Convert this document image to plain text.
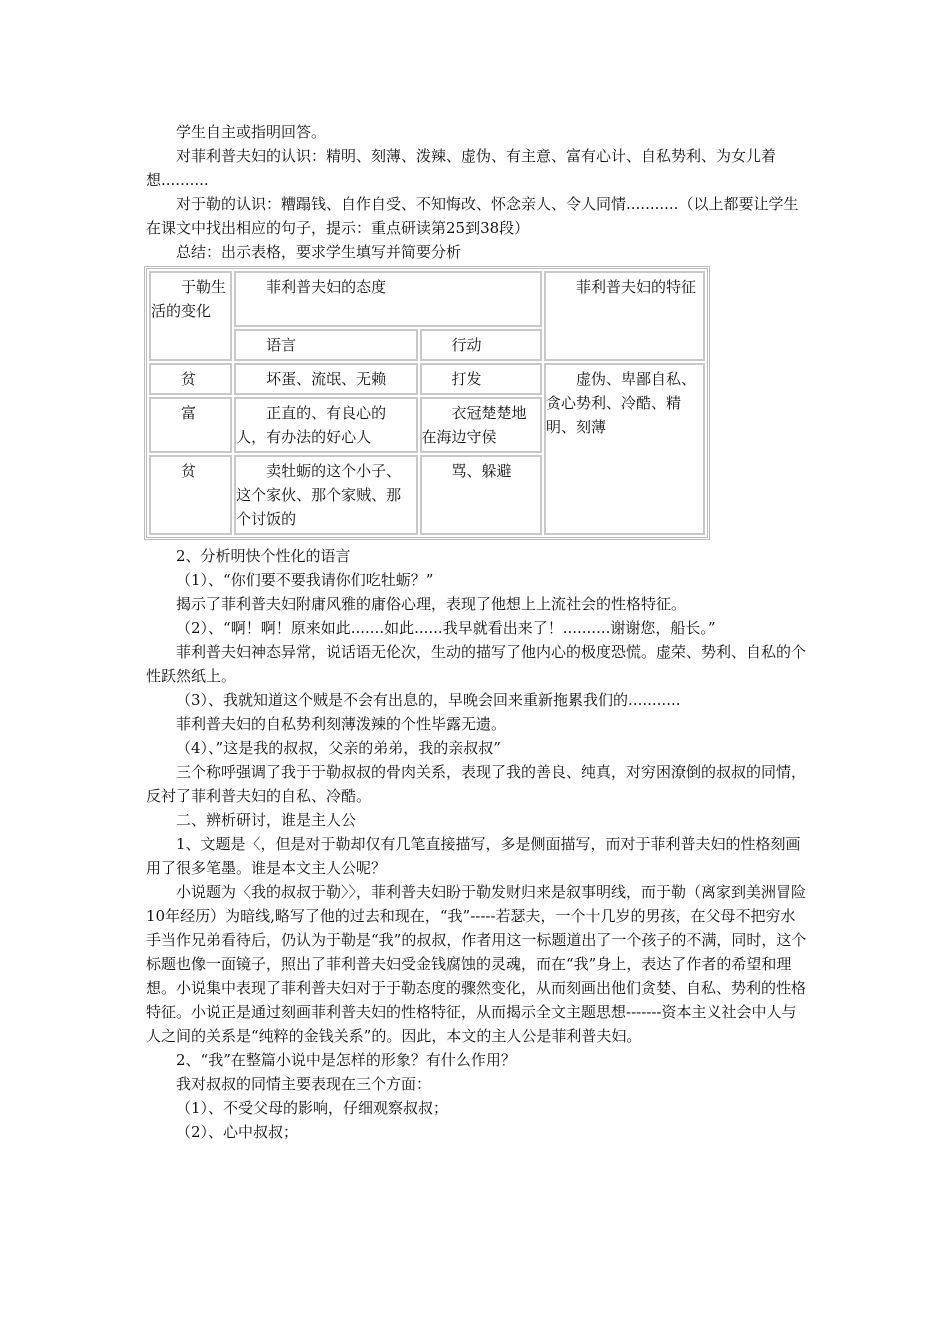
学生自主或指明回答。

对菲利普夫妇的认识：精明、刻薄、泼辣、虚伪、有主意、富有心计、自私势利、为女儿着想..........

对于勒的认识：糟蹋钱、自作自受、不知悔改、怀念亲人、令人同情...........（以上都要让学生在课文中找出相应的句子，提示：重点研读第25到38段）

总结：出示表格，要求学生填写并简要分析

于勒生活的变化	菲利普夫妇的态度		菲利普夫妇的特征
	语言	行动	
贫	坏蛋、流氓、无赖	打发	虚伪、卑鄙自私、贪心势利、冷酷、精明、刻薄
富	正直的、有良心的人，有办法的好心人	衣冠楚楚地在海边守侯	
贫	卖牡蛎的这个小子、这个家伙、那个家贼、那个讨饭的	骂、躲避	

2、分析明快个性化的语言

（1）、“你们要不要我请你们吃牡蛎？”

揭示了菲利普夫妇附庸风雅的庸俗心理，表现了他想上上流社会的性格特征。

（2）、“啊！啊！原来如此.......如此......我早就看出来了！..........谢谢您，船长。”

菲利普夫妇神态异常，说话语无伦次，生动的描写了他内心的极度恐慌。虚荣、势利、自私的个性跃然纸上。

（3）、我就知道这个贼是不会有出息的，早晚会回来重新拖累我们的...........

菲利普夫妇的自私势利刻薄泼辣的个性毕露无遗。

（4）、”这是我的叔叔，父亲的弟弟，我的亲叔叔”

三个称呼强调了我于于勒叔叔的骨肉关系，表现了我的善良、纯真，对穷困潦倒的叔叔的同情，反衬了菲利普夫妇的自私、冷酷。

二、辨析研讨，谁是主人公

1、文题是〈，但是对于勒却仅有几笔直接描写，多是侧面描写，而对于菲利普夫妇的性格刻画用了很多笔墨。谁是本文主人公呢？

小说题为〈我的叔叔于勒〉〉，菲利普夫妇盼于勒发财归来是叙事明线，而于勒（离家到美洲冒险10年经历）为暗线,略写了他的过去和现在，“我”-----若瑟夫，一个十几岁的男孩，在父母不把穷水手当作兄弟看待后，仍认为于勒是“我”的叔叔，作者用这一标题道出了一个孩子的不满，同时，这个标题也像一面镜子，照出了菲利普夫妇受金钱腐蚀的灵魂，而在“我”身上，表达了作者的希望和理想。小说集中表现了菲利普夫妇对于于勒态度的骤然变化，从而刻画出他们贪婪、自私、势利的性格特征。小说正是通过刻画菲利普夫妇的性格特征，从而揭示全文主题思想-------资本主义社会中人与人之间的关系是“纯粹的金钱关系”的。因此，本文的主人公是菲利普夫妇。

2、“我”在整篇小说中是怎样的形象？有什么作用？

我对叔叔的同情主要表现在三个方面：

（1）、不受父母的影响，仔细观察叔叔；

（2）、心中叔叔；
